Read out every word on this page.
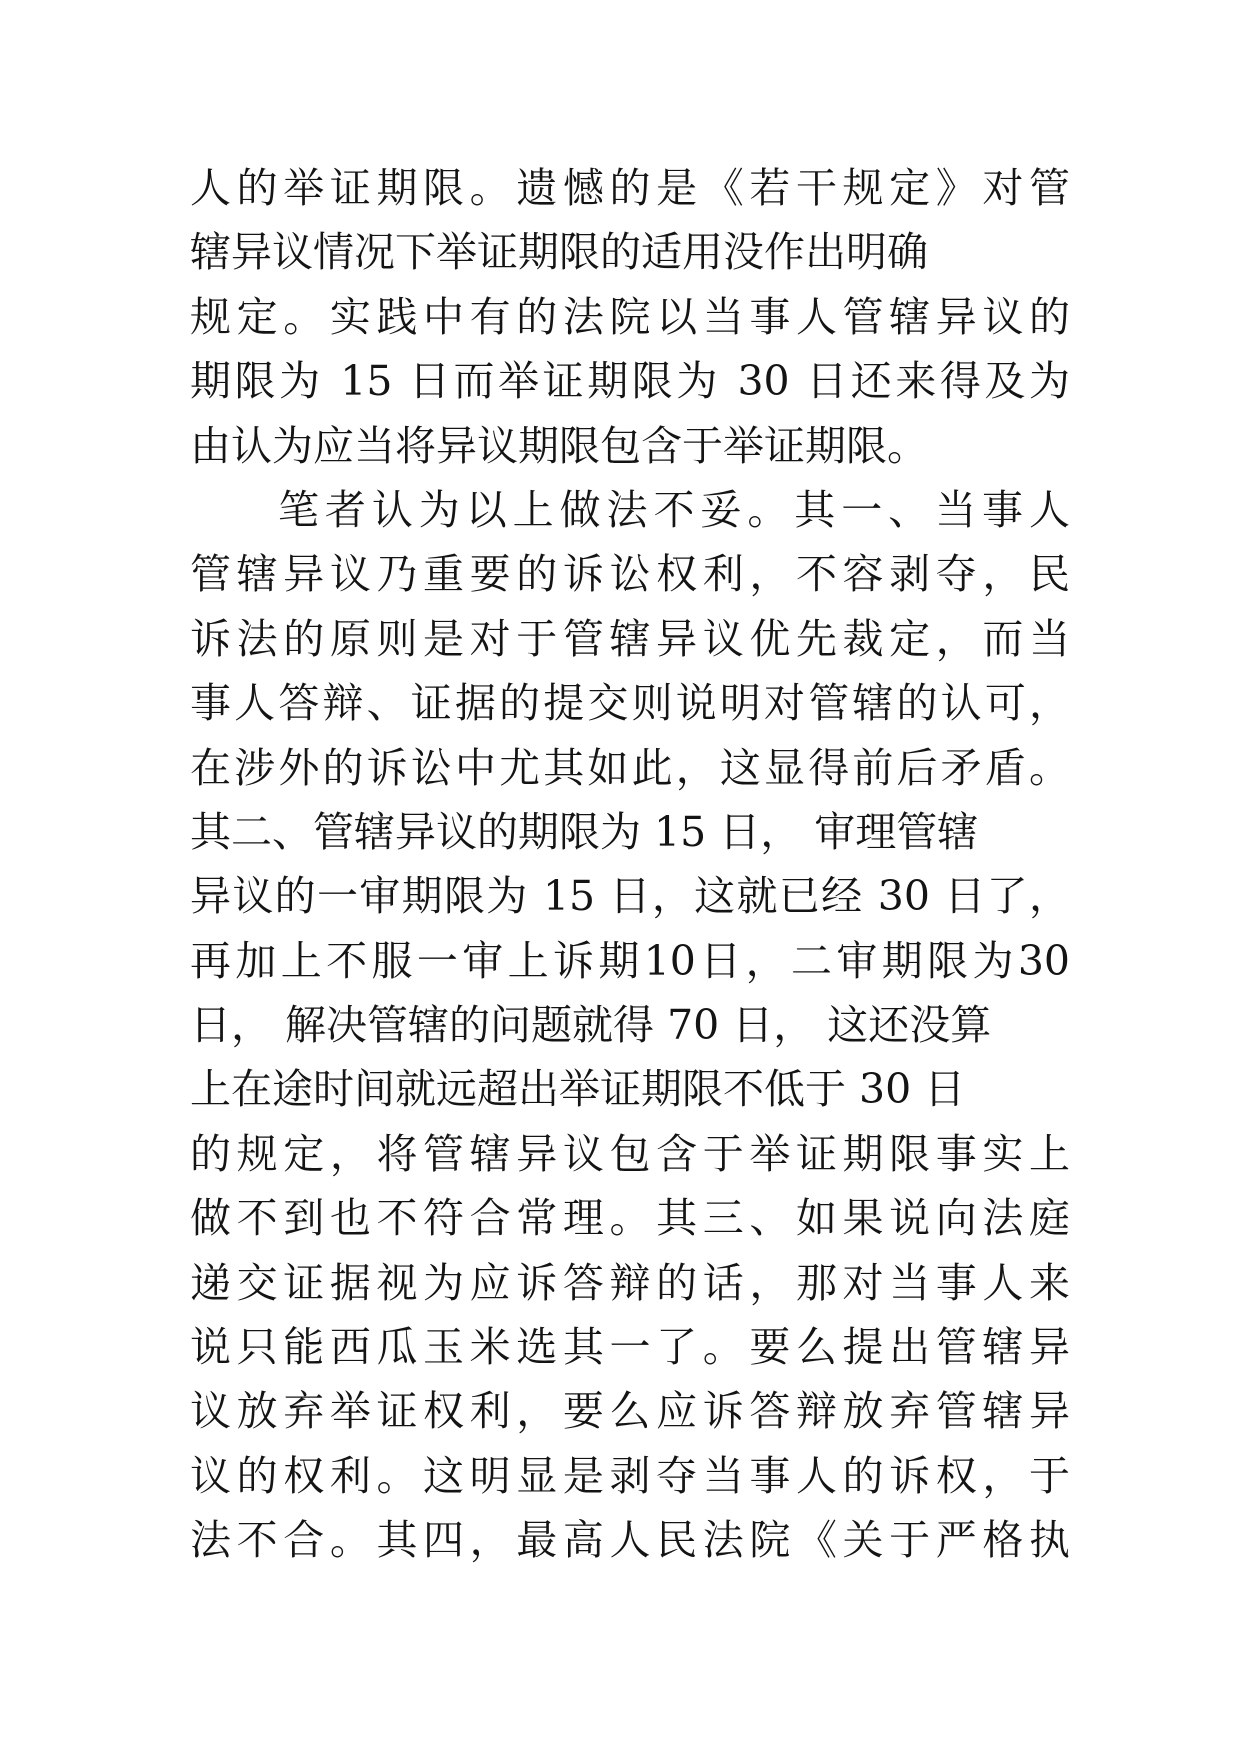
人的举证期限。遗憾的是《若干规定》对管
辖异议情况下举证期限的适用没作出明确
规定。实践中有的法院以当事人管辖异议的
期限为 15 日而举证期限为 30 日还来得及为
由认为应当将异议期限包含于举证期限。
笔者认为以上做法不妥。其一、当事人
管辖异议乃重要的诉讼权利，不容剥夺，民
诉法的原则是对于管辖异议优先裁定，而当
事人答辩、证据的提交则说明对管辖的认可，
在涉外的诉讼中尤其如此，这显得前后矛盾。
其二、管辖异议的期限为 15 日， 审理管辖
异议的一审期限为 15 日，这就已经 30 日了，
再加上不服一审上诉期10日，二审期限为30
日， 解决管辖的问题就得 70 日， 这还没算
上在途时间就远超出举证期限不低于 30 日
的规定，将管辖异议包含于举证期限事实上
做不到也不符合常理。其三、如果说向法庭
递交证据视为应诉答辩的话，那对当事人来
说只能西瓜玉米选其一了。要么提出管辖异
议放弃举证权利，要么应诉答辩放弃管辖异
议的权利。这明显是剥夺当事人的诉权，于
法不合。其四，最高人民法院《关于严格执
